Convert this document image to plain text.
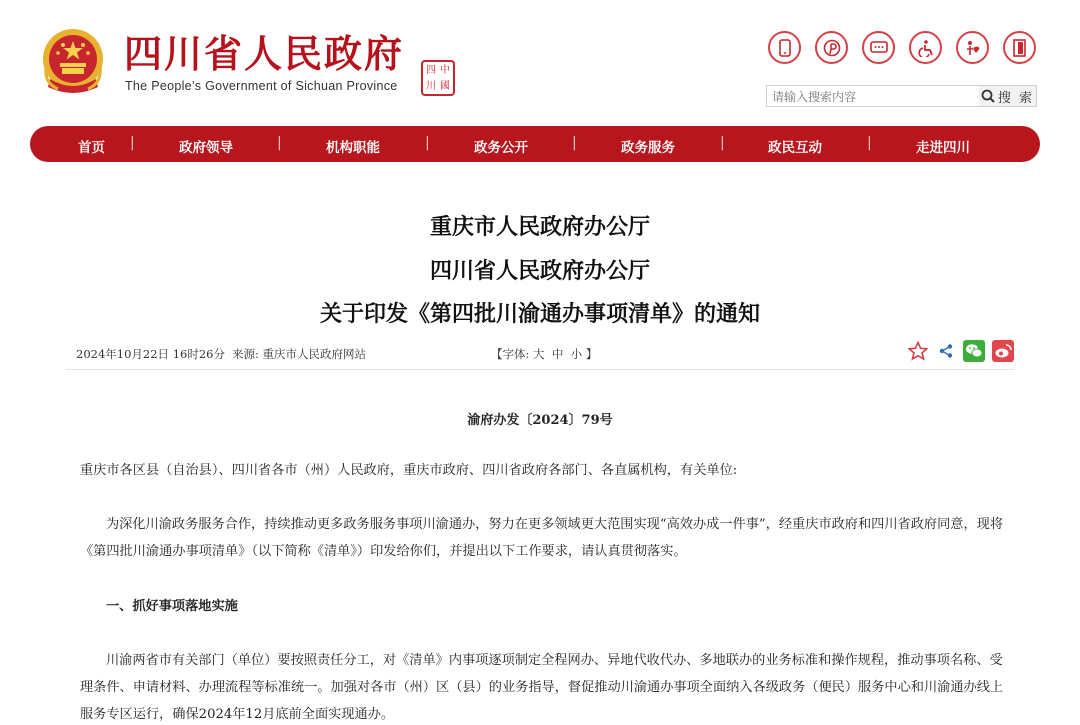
四川省人民政府
The People’s Government of Sichuan Province
四 中
川 國
请输入搜索内容
搜 索
首页 |	政府领导	|	机构职能	|	政务公开	|	政务服务	|	政民互动	|	走进四川
重庆市人民政府办公厅
四川省人民政府办公厅
关于印发《第四批川渝通办事项清单》的通知
2024年10月22日 16时26分 来源: 重庆市人民政府网站	【字体: 大 中 小 】
渝府办发〔2024〕79号
重庆市各区县（自治县）、四川省各市（州）人民政府，重庆市政府、四川省政府各部门、各直属机构，有关单位:
为深化川渝政务服务合作，持续推动更多政务服务事项川渝通办，努力在更多领域更大范围实现“高效办成一件事”，经重庆市政府和四川省政府同意，现将《第四批川渝通办事项清单》（以下简称《清单》）印发给你们，并提出以下工作要求，请认真贯彻落实。
一、抓好事项落地实施
川渝两省市有关部门（单位）要按照责任分工，对《清单》内事项逐项制定全程网办、异地代收代办、多地联办的业务标准和操作规程，推动事项名称、受理条件、申请材料、办理流程等标准统一。加强对各市（州）区（县）的业务指导，督促推动川渝通办事项全面纳入各级政务（便民）服务中心和川渝通办线上服务专区运行，确保2024年12月底前全面实现通办。
